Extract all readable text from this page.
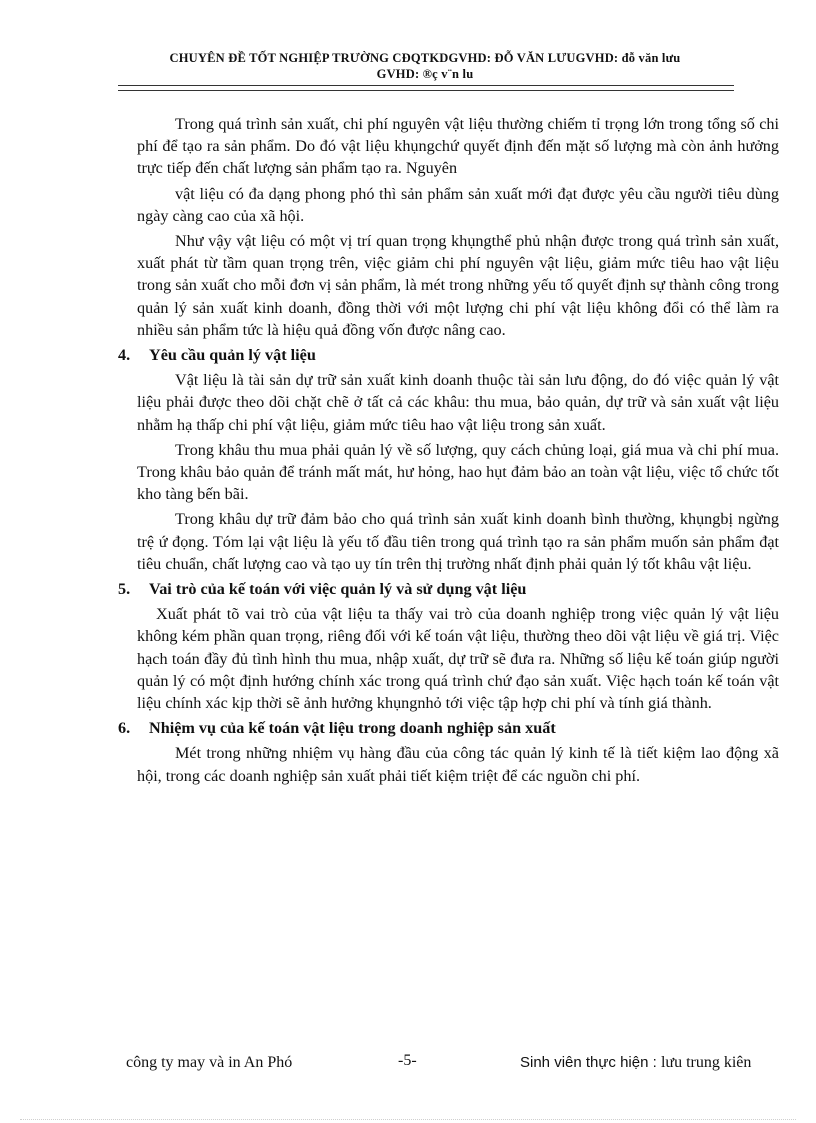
CHUYÊN ĐỀ TỐT NGHIỆP TRƯỜNG CĐQTKDGVHD: ĐỖ VĂN LƯUGVHD: đỗ văn lưu
GVHD: ®ç v¨n lu

Trong quá trình sản xuất, chi phí nguyên vật liệu thường chiếm tỉ trọng lớn trong tổng số chi phí để tạo ra sản phẩm. Do đó vật liệu khụngchứ quyết định đến mặt số lượng mà còn ảnh hưởng trực tiếp đến chất lượng sản phẩm tạo ra. Nguyên

vật liệu có đa dạng phong phó thì sản phẩm sản xuất mới đạt được yêu cầu người tiêu dùng ngày càng cao của xã hội.

Như vậy vật liệu có một vị trí quan trọng khụngthể phủ nhận được trong quá trình sản xuất, xuất phát từ tầm quan trọng trên, việc giảm chi phí nguyên vật liệu, giảm mức tiêu hao vật liệu trong sản xuất cho mỗi đơn vị sản phẩm, là mét trong những yếu tố quyết định sự thành công trong quản lý sản xuất kinh doanh, đồng thời với một lượng chi phí vật liệu không đổi có thể làm ra nhiều sản phẩm tức là hiệu quả đồng vốn được nâng cao.

4. Yêu cầu quản lý vật liệu

Vật liệu là tài sản dự trữ sản xuất kinh doanh thuộc tài sản lưu động, do đó việc quản lý vật liệu phải được theo dõi chặt chẽ ở tất cả các khâu: thu mua, bảo quản, dự trữ và sản xuất vật liệu nhằm hạ thấp chi phí vật liệu, giảm mức tiêu hao vật liệu trong sản xuất.

Trong khâu thu mua phải quản lý về số lượng, quy cách chủng loại, giá mua và chi phí mua. Trong khâu bảo quản để tránh mất mát, hư hỏng, hao hụt đảm bảo an toàn vật liệu, việc tổ chức tốt kho tàng bến bãi.

Trong khâu dự trữ đảm bảo cho quá trình sản xuất kinh doanh bình thường, khụngbị ngừng trệ ứ đọng. Tóm lại vật liệu là yếu tố đầu tiên trong quá trình tạo ra sản phẩm muốn sản phẩm đạt tiêu chuẩn, chất lượng cao và tạo uy tín trên thị trường nhất định phải quản lý tốt khâu vật liệu.

5. Vai trò của kế toán với việc quản lý và sử dụng vật liệu

Xuất phát tõ vai trò của vật liệu ta thấy vai trò của doanh nghiệp trong việc quản lý vật liệu không kém phần quan trọng, riêng đối với kế toán vật liệu, thường theo dõi vật liệu về giá trị. Việc hạch toán đầy đủ tình hình thu mua, nhập xuất, dự trữ sẽ đưa ra. Những số liệu kế toán giúp người quản lý có một định hướng chính xác trong quá trình chứ đạo sản xuất. Việc hạch toán kế toán vật liệu chính xác kịp thời sẽ ảnh hưởng khụngnhỏ tới việc tập hợp chi phí và tính giá thành.

6. Nhiệm vụ của kế toán vật liệu trong doanh nghiệp sản xuất

Mét trong những nhiệm vụ hàng đầu của công tác quản lý kinh tế là tiết kiệm lao động xã hội, trong các doanh nghiệp sản xuất phải tiết kiệm triệt để các nguồn chi phí.

công ty may và in An Phó	-5-	Sinh viên thực hiện : lưu trung kiên
